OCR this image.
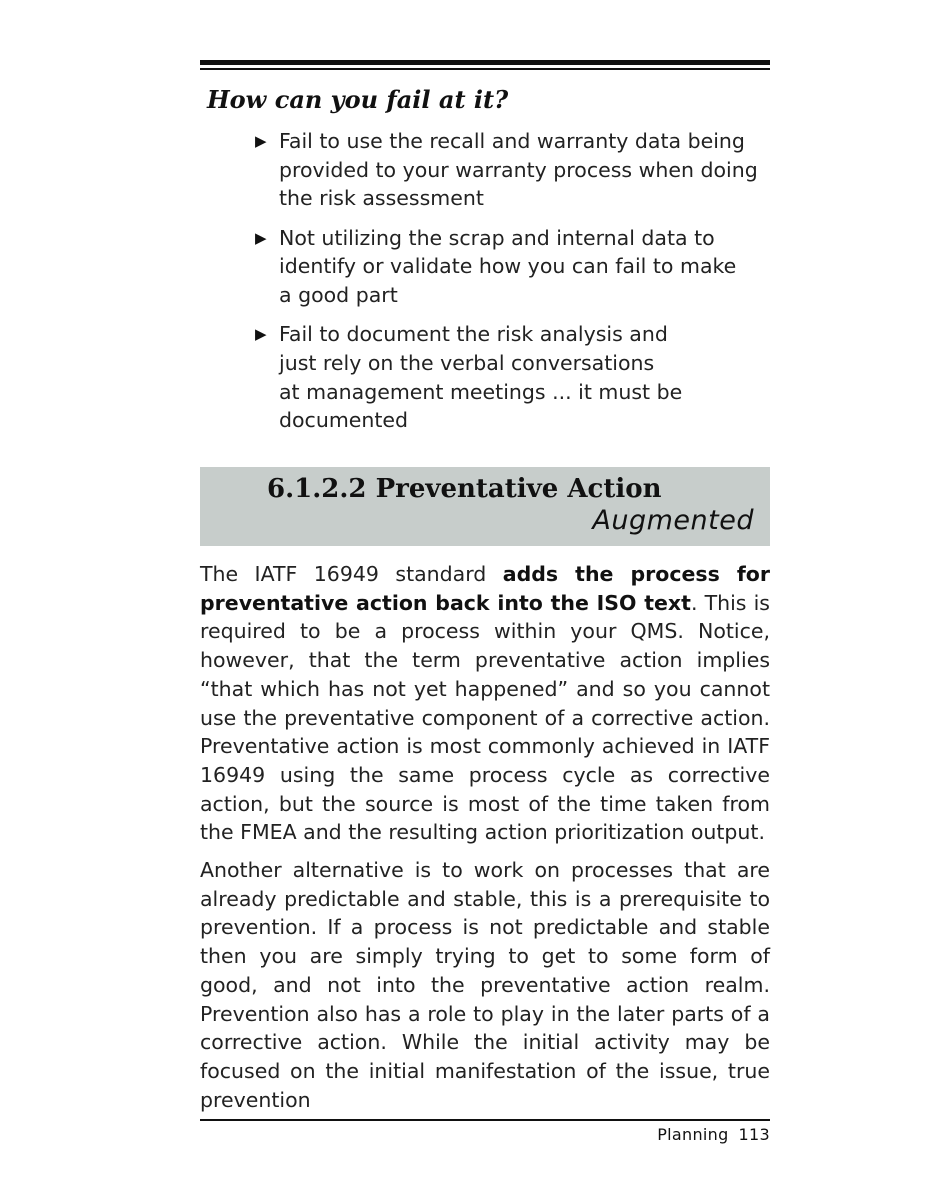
How can you fail at it?
▶ Fail to use the recall and warranty data being
provided to your warranty process when doing
the risk assessment
▶ Not utilizing the scrap and internal data to
identify or validate how you can fail to make
a good part
▶ Fail to document the risk analysis and
just rely on the verbal conversations
at management meetings ... it must be
documented
6.1.2.2 Preventative Action
Augmented

The IATF 16949 standard adds the process for preventative action back into the ISO text. This is required to be a process within your QMS. Notice, however, that the term preventative action implies “that which has not yet happened” and so you cannot use the preventative component of a corrective action. Preventative action is most commonly achieved in IATF 16949 using the same process cycle as corrective action, but the source is most of the time taken from the FMEA and the resulting action prioritization output.

Another alternative is to work on processes that are already predictable and stable, this is a prerequisite to prevention. If a process is not predictable and stable then you are simply trying to get to some form of good, and not into the preventative action realm. Prevention also has a role to play in the later parts of a corrective action. While the initial activity may be focused on the initial manifestation of the issue, true prevention

Planning 113
